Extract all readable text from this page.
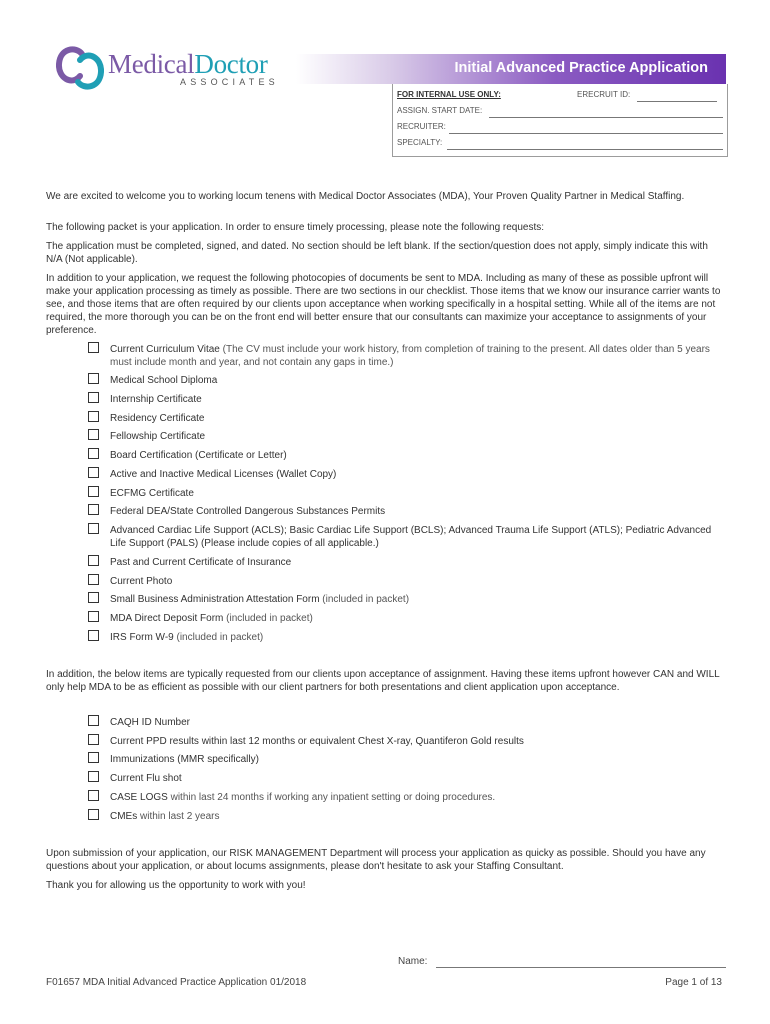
MedicalDoctor
ASSOCIATES
Initial Advanced Practice Application
FOR INTERNAL USE ONLY:	ERECRUIT ID:
ASSIGN. START DATE:
RECRUITER:
SPECIALTY:

We are excited to welcome you to working locum tenens with Medical Doctor Associates (MDA), Your Proven Quality Partner in Medical Staffing.

The following packet is your application. In order to ensure timely processing, please note the following requests:

The application must be completed, signed, and dated. No section should be left blank. If the section/question does not apply, simply indicate this with N/A (Not applicable).

In addition to your application, we request the following photocopies of documents be sent to MDA. Including as many of these as possible upfront will make your application processing as timely as possible. There are two sections in our checklist. Those items that we know our insurance carrier wants to see, and those items that are often required by our clients upon acceptance when working specifically in a hospital setting. While all of the items are not required, the more thorough you can be on the front end will better ensure that our consultants can maximize your acceptance to assignments of your preference.

Current Curriculum Vitae (The CV must include your work history, from completion of training to the present. All dates older than 5 years must include month and year, and not contain any gaps in time.)
Medical School Diploma
Internship Certificate
Residency Certificate
Fellowship Certificate
Board Certification (Certificate or Letter)
Active and Inactive Medical Licenses (Wallet Copy)
ECFMG Certificate
Federal DEA/State Controlled Dangerous Substances Permits
Advanced Cardiac Life Support (ACLS); Basic Cardiac Life Support (BCLS); Advanced Trauma Life Support (ATLS); Pediatric Advanced Life Support (PALS) (Please include copies of all applicable.)
Past and Current Certificate of Insurance
Current Photo
Small Business Administration Attestation Form (included in packet)
MDA Direct Deposit Form (included in packet)
IRS Form W-9 (included in packet)

In addition, the below items are typically requested from our clients upon acceptance of assignment. Having these items upfront however CAN and WILL only help MDA to be as efficient as possible with our client partners for both presentations and client application upon acceptance.

CAQH ID Number
Current PPD results within last 12 months or equivalent Chest X-ray, Quantiferon Gold results
Immunizations (MMR specifically)
Current Flu shot
CASE LOGS within last 24 months if working any inpatient setting or doing procedures.
CMEs within last 2 years

Upon submission of your application, our RISK MANAGEMENT Department will process your application as quicky as possible. Should you have any questions about your application, or about locums assignments, please don't hesitate to ask your Staffing Consultant.

Thank you for allowing us the opportunity to work with you!

Name:
F01657 MDA Initial Advanced Practice Application 01/2018	Page 1 of 13
